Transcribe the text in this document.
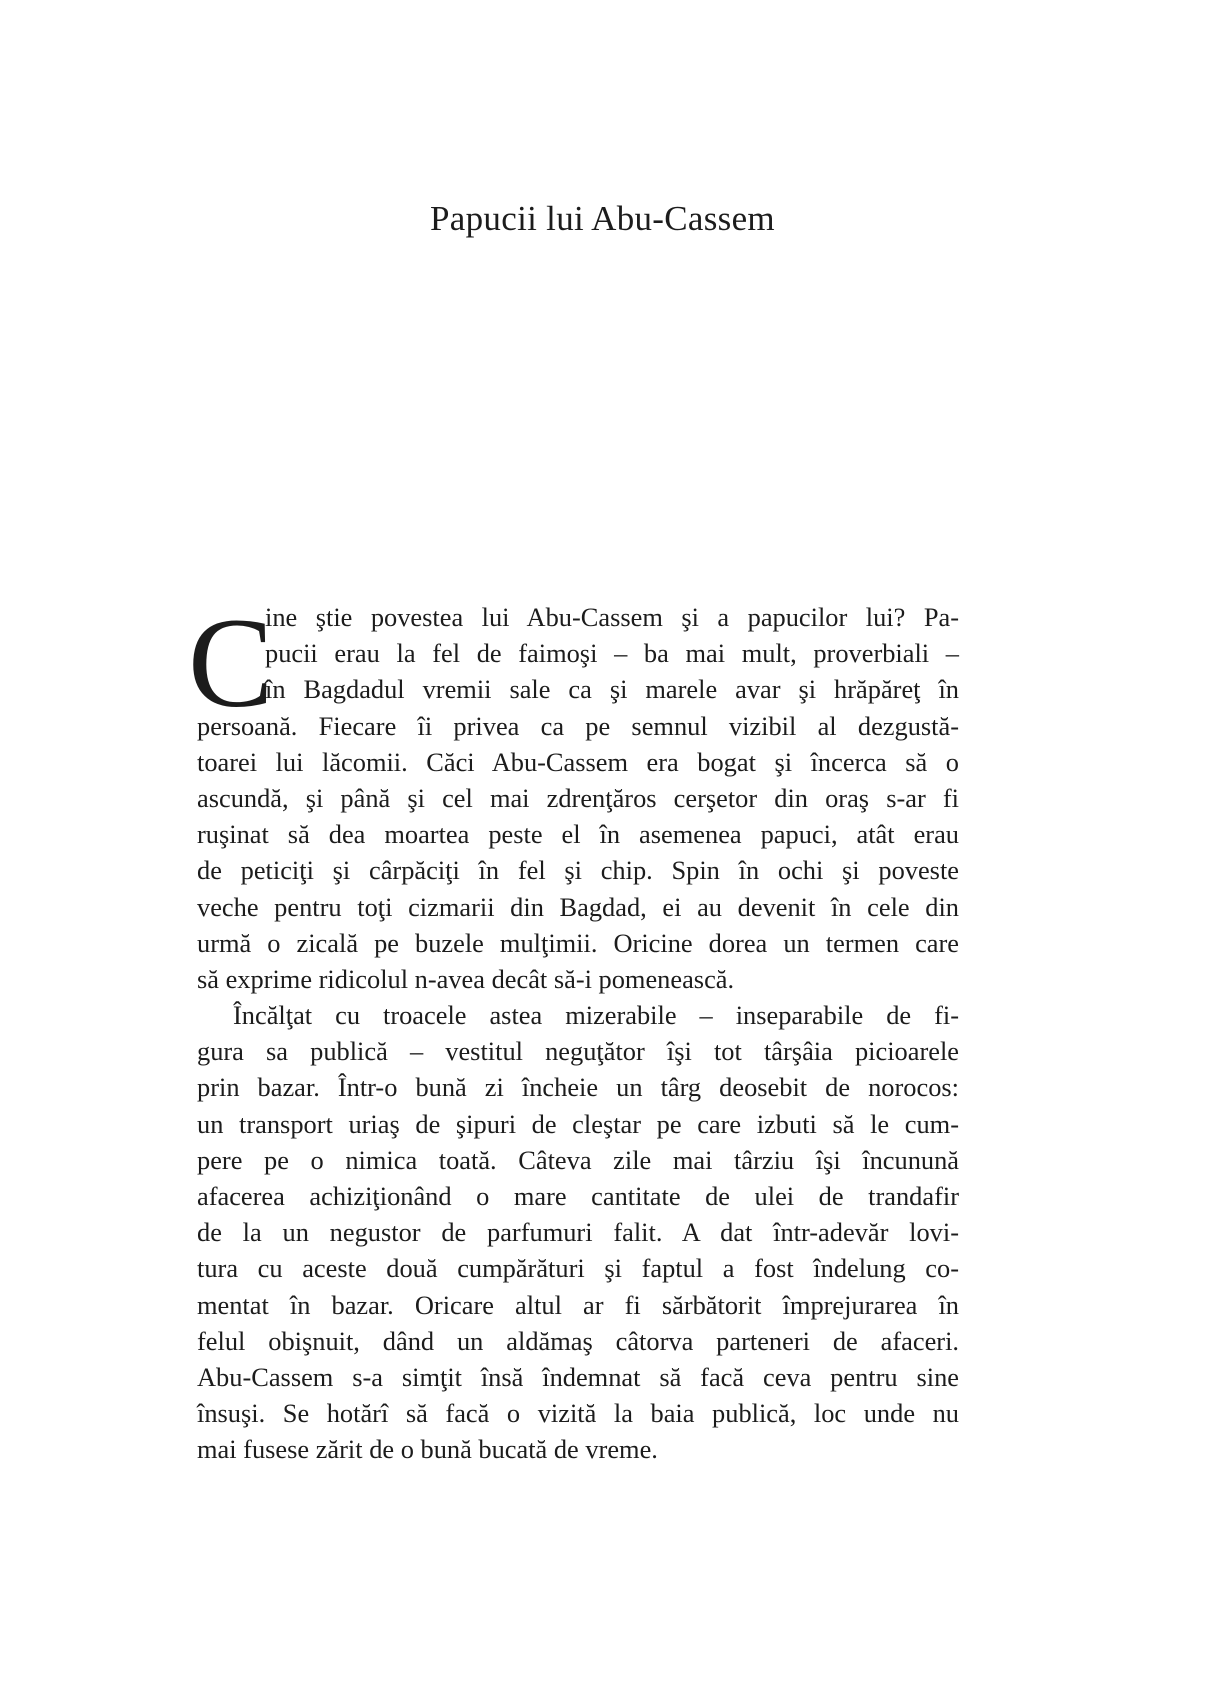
Papucii lui Abu-Cassem
C
ine ştie povestea lui Abu-Cassem şi a papucilor lui? Pa-
pucii erau la fel de faimoşi – ba mai mult, proverbiali –
în Bagdadul vremii sale ca şi marele avar şi hrăpăreţ în
persoană. Fiecare îi privea ca pe semnul vizibil al dezgustă-
toarei lui lăcomii. Căci Abu-Cassem era bogat şi încerca să o
ascundă, şi până şi cel mai zdrenţăros cerşetor din oraş s-ar fi
ruşinat să dea moartea peste el în asemenea papuci, atât erau
de peticiţi şi cârpăciţi în fel şi chip. Spin în ochi şi poveste
veche pentru toţi cizmarii din Bagdad, ei au devenit în cele din
urmă o zicală pe buzele mulţimii. Oricine dorea un termen care
să exprime ridicolul n-avea decât să-i pomenească.
Încălţat cu troacele astea mizerabile – inseparabile de fi-
gura sa publică – vestitul neguţător îşi tot târşâia picioarele
prin bazar. Într-o bună zi încheie un târg deosebit de norocos:
un transport uriaş de şipuri de cleştar pe care izbuti să le cum-
pere pe o nimica toată. Câteva zile mai târziu îşi încunună
afacerea achiziţionând o mare cantitate de ulei de trandafir
de la un negustor de parfumuri falit. A dat într-adevăr lovi-
tura cu aceste două cumpărături şi faptul a fost îndelung co-
mentat în bazar. Oricare altul ar fi sărbătorit împrejurarea în
felul obişnuit, dând un aldămaş câtorva parteneri de afaceri.
Abu-Cassem s-a simţit însă îndemnat să facă ceva pentru sine
însuşi. Se hotărî să facă o vizită la baia publică, loc unde nu
mai fusese zărit de o bună bucată de vreme.
